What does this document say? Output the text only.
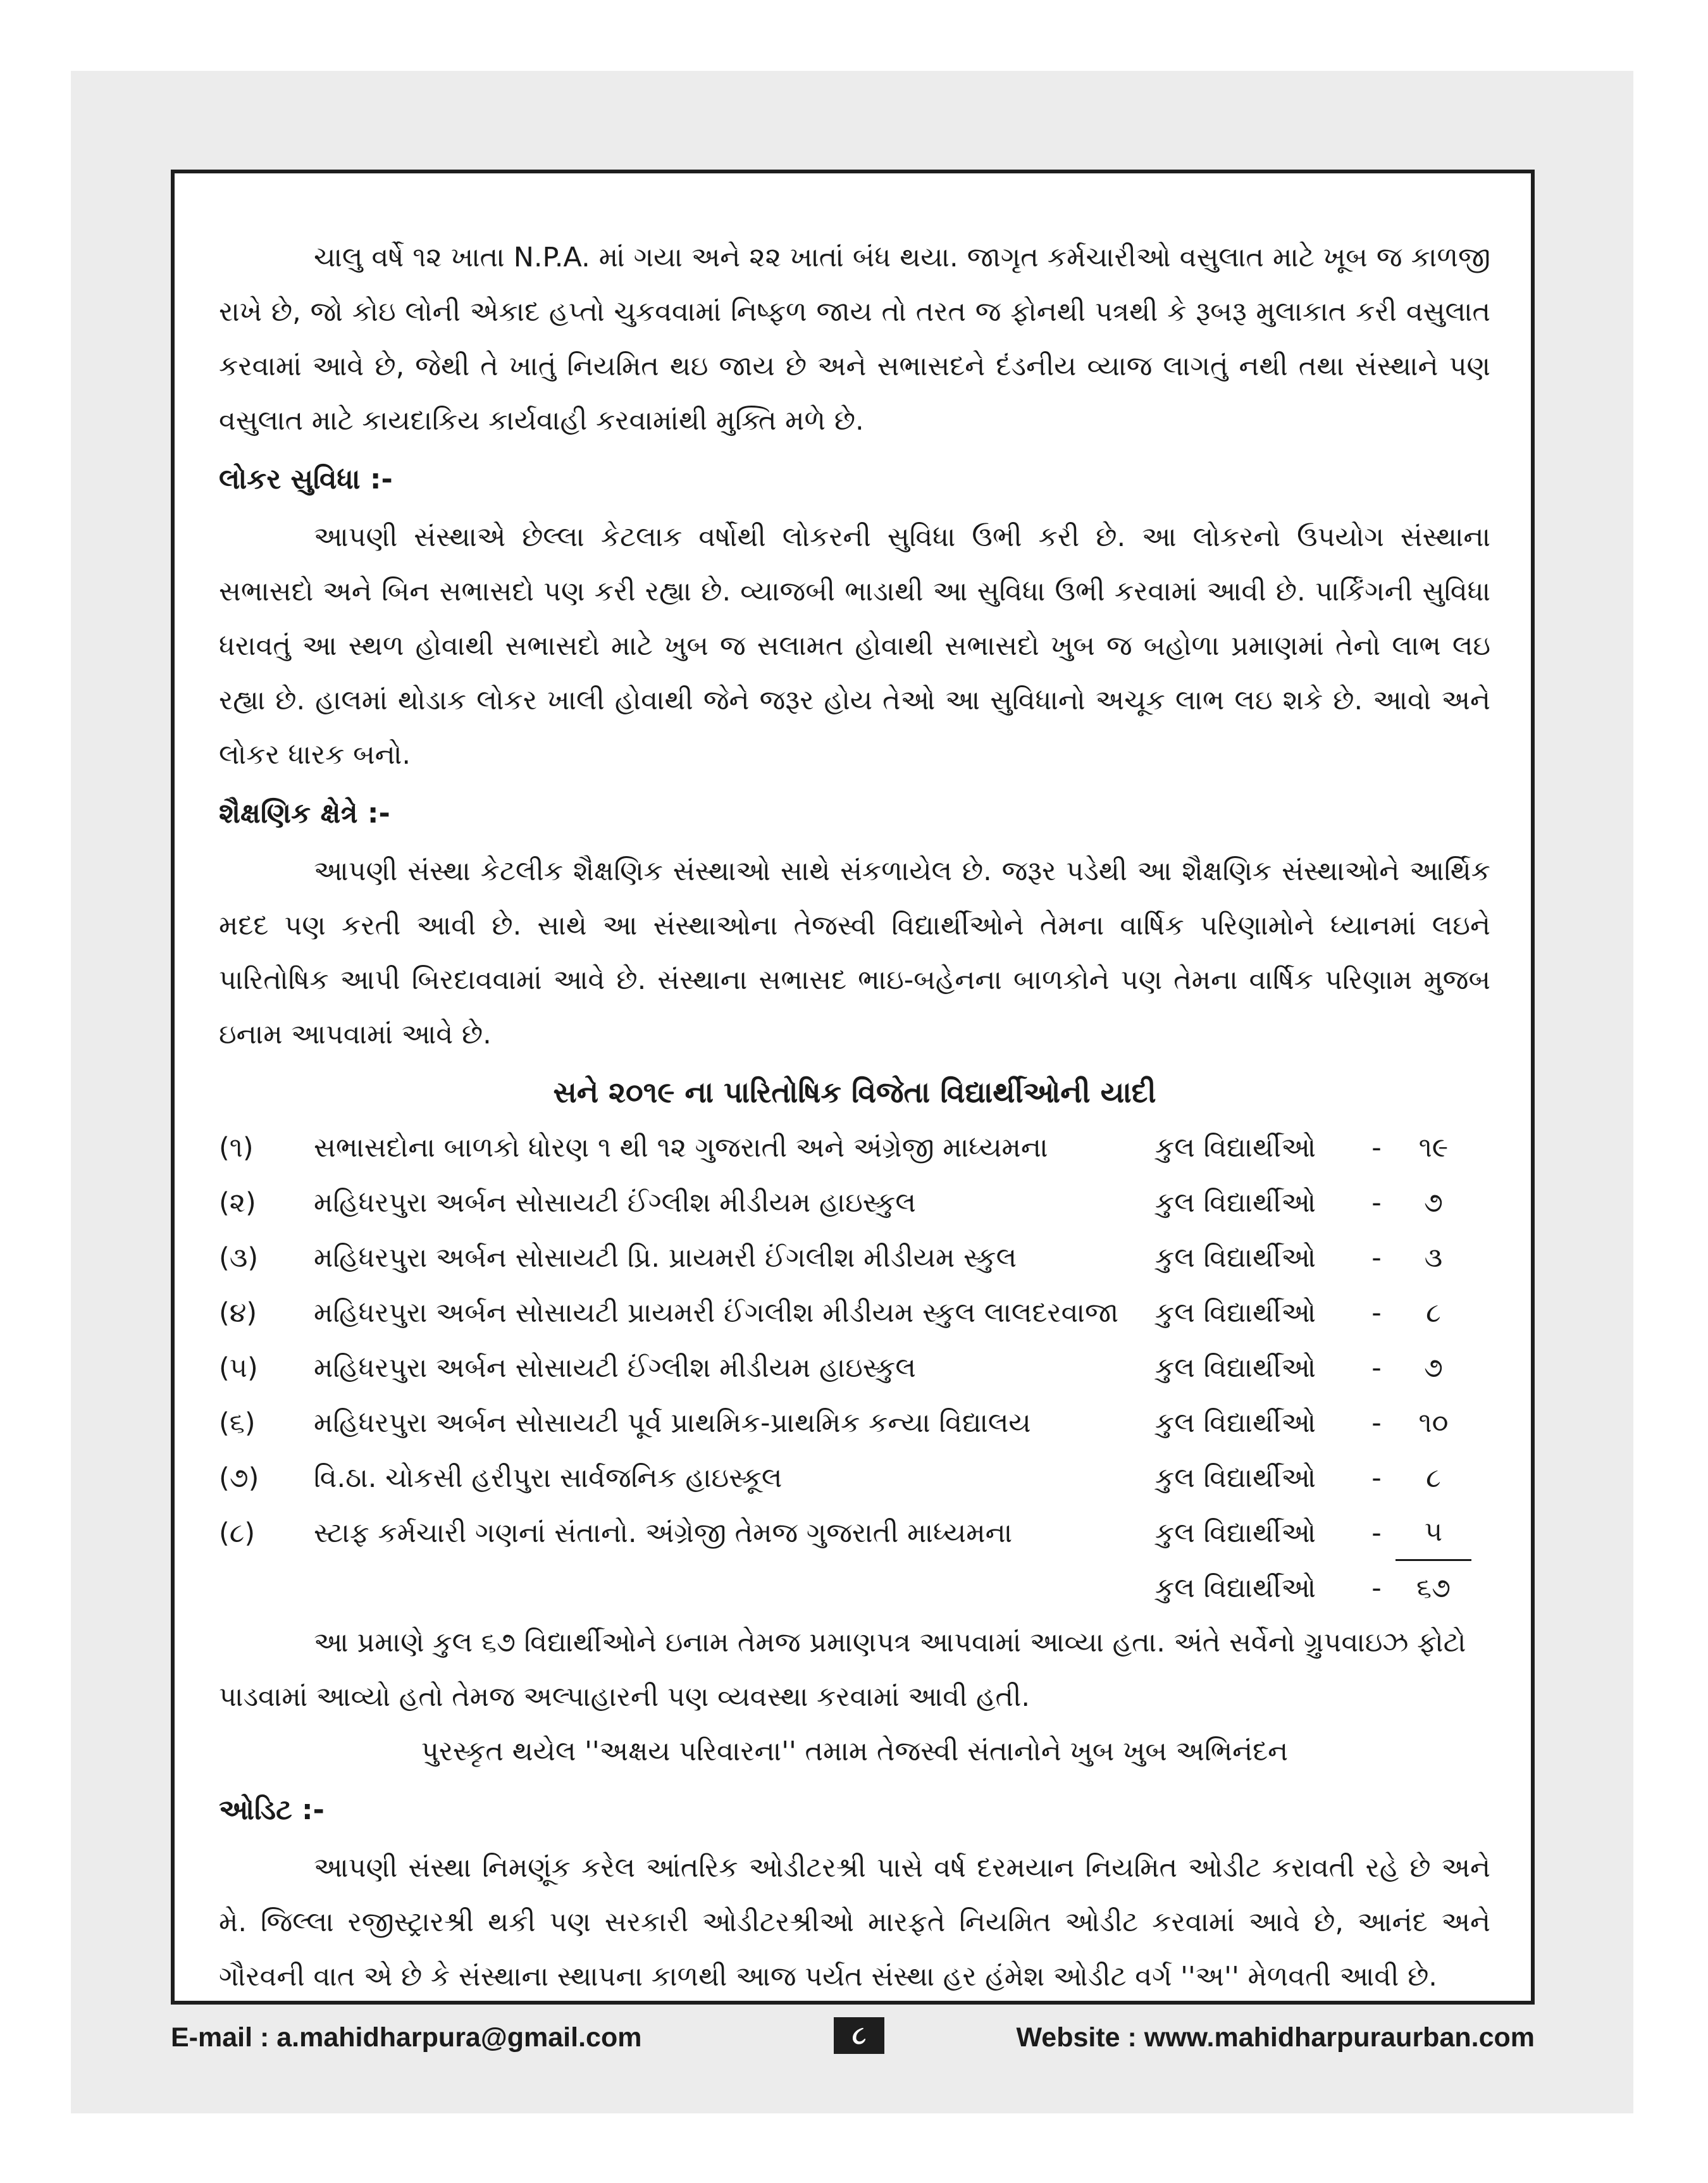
ચાલુ વર્ષે ૧૨ ખાતા N.P.A. માં ગયા અને ૨૨ ખાતાં બંધ થયા. જાગૃત કર્મચારીઓ વસુલાત માટે ખૂબ જ કાળજી રાખે છે, જો કોઇ લોની એકાદ હપ્તો ચુકવવામાં નિષ્ફળ જાય તો તરત જ ફોનથી પત્રથી કે રૂબરૂ મુલાકાત કરી વસુલાત કરવામાં આવે છે, જેથી તે ખાતું નિયમિત થઇ જાય છે અને સભાસદને દંડનીય વ્યાજ લાગતું નથી તથા સંસ્થાને પણ વસુલાત માટે કાયદાકિય કાર્યવાહી કરવામાંથી મુક્તિ મળે છે.

લોકર સુવિધા :-

આપણી સંસ્થાએ છેલ્લા કેટલાક વર્ષોથી લોકરની સુવિધા ઉભી કરી છે. આ લોકરનો ઉપયોગ સંસ્થાના સભાસદો અને બિન સભાસદો પણ કરી રહ્યા છે. વ્યાજબી ભાડાથી આ સુવિધા ઉભી કરવામાં આવી છે. પાર્કિંગની સુવિધા ધરાવતું આ સ્થળ હોવાથી સભાસદો માટે ખુબ જ સલામત હોવાથી સભાસદો ખુબ જ બહોળા પ્રમાણમાં તેનો લાભ લઇ રહ્યા છે. હાલમાં થોડાક લોકર ખાલી હોવાથી જેને જરૂર હોય તેઓ આ સુવિધાનો અચૂક લાભ લઇ શકે છે. આવો અને લોકર ધારક બનો.

શૈક્ષણિક ક્ષેત્રે :-

આપણી સંસ્થા કેટલીક શૈક્ષણિક સંસ્થાઓ સાથે સંકળાયેલ છે. જરૂર પડેથી આ શૈક્ષણિક સંસ્થાઓને આર્થિક મદદ પણ કરતી આવી છે. સાથે આ સંસ્થાઓના તેજસ્વી વિદ્યાર્થીઓને તેમના વાર્ષિક પરિણામોને ધ્યાનમાં લઇને પારિતોષિક આપી બિરદાવવામાં આવે છે. સંસ્થાના સભાસદ ભાઇ-બહેનના બાળકોને પણ તેમના વાર્ષિક પરિણામ મુજબ ઇનામ આપવામાં આવે છે.

સને ૨૦૧૯ ના પારિતોષિક વિજેતા વિદ્યાર્થીઓની યાદી
(૧)	સભાસદોના બાળકો ધોરણ ૧ થી ૧૨ ગુજરાતી અને અંગ્રેજી માધ્યમના	કુલ વિદ્યાર્થીઓ	-	૧૯
(૨)	મહિધરપુરા અર્બન સોસાયટી ઈંગ્લીશ મીડીયમ હાઇસ્કુલ	કુલ વિદ્યાર્થીઓ	-	૭
(૩)	મહિધરપુરા અર્બન સોસાયટી પ્રિ. પ્રાયમરી ઈંગલીશ મીડીયમ સ્કુલ	કુલ વિદ્યાર્થીઓ	-	૩
(૪)	મહિધરપુરા અર્બન સોસાયટી પ્રાયમરી ઈંગલીશ મીડીયમ સ્કુલ લાલદરવાજા	કુલ વિદ્યાર્થીઓ	-	૮
(૫)	મહિધરપુરા અર્બન સોસાયટી ઈંગ્લીશ મીડીયમ હાઇસ્કુલ	કુલ વિદ્યાર્થીઓ	-	૭
(૬)	મહિધરપુરા અર્બન સોસાયટી પૂર્વ પ્રાથમિક-પ્રાથમિક કન્યા વિદ્યાલય	કુલ વિદ્યાર્થીઓ	-	૧૦
(૭)	વિ.ઠા. ચોકસી હરીપુરા સાર્વજનિક હાઇસ્કૂલ	કુલ વિદ્યાર્થીઓ	-	૮
(૮)	સ્ટાફ કર્મચારી ગણનાં સંતાનો. અંગ્રેજી તેમજ ગુજરાતી માધ્યમના	કુલ વિદ્યાર્થીઓ	-	૫
કુલ વિદ્યાર્થીઓ	-	૬૭

આ પ્રમાણે કુલ ૬૭ વિદ્યાર્થીઓને ઇનામ તેમજ પ્રમાણપત્ર આપવામાં આવ્યા હતા. અંતે સર્વેનો ગ્રુપવાઇઝ ફોટો પાડવામાં આવ્યો હતો તેમજ અલ્પાહારની પણ વ્યવસ્થા કરવામાં આવી હતી.

પુરસ્કૃત થયેલ ''અક્ષય પરિવારના'' તમામ તેજસ્વી સંતાનોને ખુબ ખુબ અભિનંદન

ઓડિટ :-

આપણી સંસ્થા નિમણૂંક કરેલ આંતરિક ઓડીટરશ્રી પાસે વર્ષ દરમયાન નિયમિત ઓડીટ કરાવતી રહે છે અને મે. જિલ્લા રજીસ્ટ્રારશ્રી થકી પણ સરકારી ઓડીટરશ્રીઓ મારફતે નિયમિત ઓડીટ કરવામાં આવે છે, આનંદ અને ગૌરવની વાત એ છે કે સંસ્થાના સ્થાપના કાળથી આજ પર્યત સંસ્થા હર હંમેશ ઓડીટ વર્ગ ''અ'' મેળવતી આવી છે.

E-mail : a.mahidharpura@gmail.com	૮	Website : www.mahidharpuraurban.com
